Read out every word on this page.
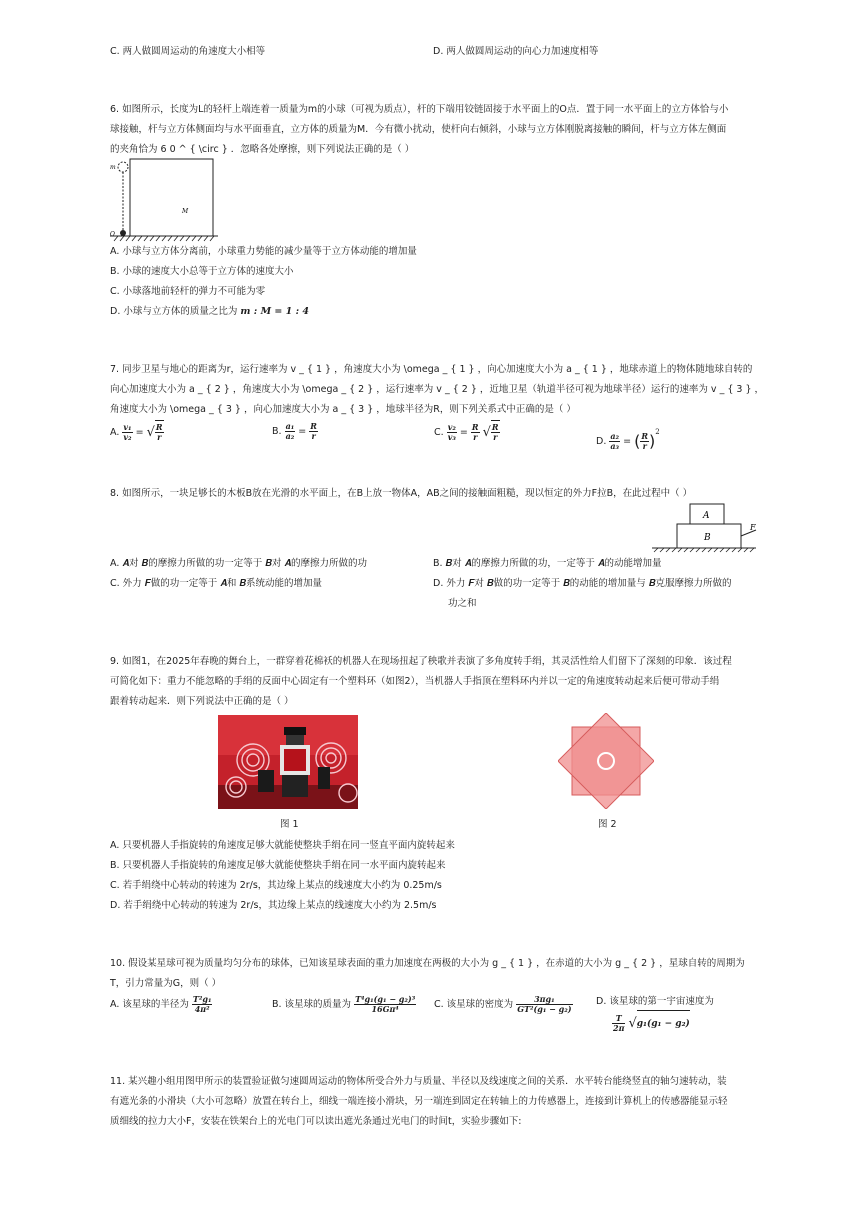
C. 两人做圆周运动的角速度大小相等	D. 两人做圆周运动的向心力加速度相等
6. 如图所示，长度为L的轻杆上端连着一质量为m的小球（可视为质点），杆的下端用铰链固接于水平面上的O点．置于同一水平面上的立方体恰与小
球接触，杆与立方体侧面均与水平面垂直，立方体的质量为M．今有微小扰动，使杆向右倾斜，小球与立方体刚脱离接触的瞬间，杆与立方体左侧面
的夹角恰为 6 0 ^ { \circ } ．忽略各处摩擦，则下列说法正确的是（ ）
m
M
O
A. 小球与立方体分离前，小球重力势能的减少量等于立方体动能的增加量
B. 小球的速度大小总等于立方体的速度大小
C. 小球落地前轻杆的弹力不可能为零
D. 小球与立方体的质量之比为 m : M = 1 : 4
7. 同步卫星与地心的距离为r，运行速率为 v _ { 1 } ，角速度大小为 \omega _ { 1 } ，向心加速度大小为 a _ { 1 } ，地球赤道上的物体随地球自转的
向心加速度大小为 a _ { 2 } ，角速度大小为 \omega _ { 2 } ，运行速率为 v _ { 2 } ，近地卫星（轨道半径可视为地球半径）运行的速率为 v _ { 3 } ，
角速度大小为 \omega _ { 3 } ，向心加速度大小为 a _ { 3 } ，地球半径为R，则下列关系式中正确的是（ ）
A. $\frac{\text{v₁}}{\text{v₂}}$ = √ $\frac{R}{r}$	B. $\frac{\text{a₁}}{\text{a₂}} = \frac{R}{r}$	C. $\frac{\text{v₂}}{\text{v₃}} = \frac{R}{r}$ √ $\frac{R}{r}$	D. $\frac{\text{a₂}}{\text{a₃}}$ = ( $\frac{R}{r} )^2$
8. 如图所示，一块足够长的木板B放在光滑的水平面上，在B上放一物体A，AB之间的接触面粗糙，现以恒定的外力F拉B，在此过程中（ ）
A
B
F
A. 𝑨对 𝑩的摩擦力所做的功一定等于 𝑩对 𝑨的摩擦力所做的功	B. 𝑩对 𝑨的摩擦力所做的功，一定等于 𝑨的动能增加量
C. 外力 𝑭做的功一定等于 𝑨和 𝑩系统动能的增加量	D. 外力 𝑭对 𝑩做的功一定等于 𝑩的动能的增加量与 𝑩克服摩擦力所做的
功之和
9. 如图1，在2025年春晚的舞台上，一群穿着花棉袄的机器人在现场扭起了秧歌并表演了多角度转手绢，其灵活性给人们留下了深刻的印象．该过程
可简化如下：重力不能忽略的手绢的反面中心固定有一个塑料环（如图2），当机器人手指顶在塑料环内并以一定的角速度转动起来后便可带动手绢
跟着转动起来．则下列说法中正确的是（ ）
图 1	图 2
A. 只要机器人手指旋转的角速度足够大就能使整块手绢在同一竖直平面内旋转起来
B. 只要机器人手指旋转的角速度足够大就能使整块手绢在同一水平面内旋转起来
C. 若手绢绕中心转动的转速为 2r/s，其边缘上某点的线速度大小约为 0.25m/s
D. 若手绢绕中心转动的转速为 2r/s，其边缘上某点的线速度大小约为 2.5m/s
10. 假设某星球可视为质量均匀分布的球体，已知该星球表面的重力加速度在两极的大小为 g _ { 1 } ，在赤道的大小为 g _ { 2 } ，星球自转的周期为
T，引力常量为G，则（ ）
A. 该星球的半径为 $\frac{\text{T²g₁}}{\text{4π²}}$	B. 该星球的质量为 $\frac{\text{T⁴g₁(g₁ − g₂)³}}{\text{16Gπ⁴}} C$. 该星球的密度为 $\frac{\text{3πg₁}}{\text{GT²(g₁ − g₂)}} D$. 该星球的第一宇宙速度为
$\frac{T}{2\pi} √g_1(g_1 - g_2)$
11. 某兴趣小组用图甲所示的装置验证做匀速圆周运动的物体所受合外力与质量、半径以及线速度之间的关系．水平转台能绕竖直的轴匀速转动，装
有遮光条的小滑块（大小可忽略）放置在转台上，细线一端连接小滑块，另一端连到固定在转轴上的力传感器上，连接到计算机上的传感器能显示轻
质细线的拉力大小F，安装在铁架台上的光电门可以读出遮光条通过光电门的时间t，实验步骤如下:
